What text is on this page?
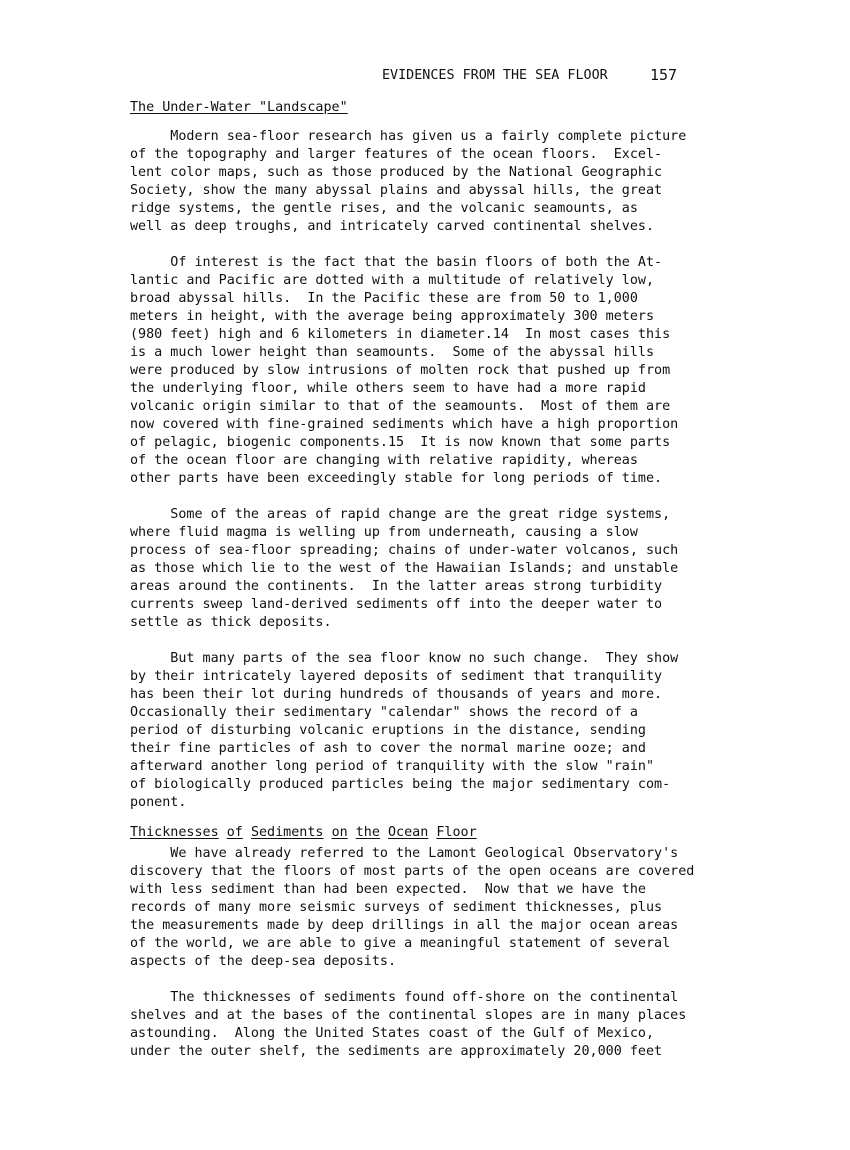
EVIDENCES FROM THE SEA FLOOR	157
The Under-Water "Landscape"
Modern sea-floor research has given us a fairly complete picture
of the topography and larger features of the ocean floors.  Excel-
lent color maps, such as those produced by the National Geographic
Society, show the many abyssal plains and abyssal hills, the great
ridge systems, the gentle rises, and the volcanic seamounts, as
well as deep troughs, and intricately carved continental shelves.
Of interest is the fact that the basin floors of both the At-
lantic and Pacific are dotted with a multitude of relatively low,
broad abyssal hills.  In the Pacific these are from 50 to 1,000
meters in height, with the average being approximately 300 meters
(980 feet) high and 6 kilometers in diameter.14  In most cases this
is a much lower height than seamounts.  Some of the abyssal hills
were produced by slow intrusions of molten rock that pushed up from
the underlying floor, while others seem to have had a more rapid
volcanic origin similar to that of the seamounts.  Most of them are
now covered with fine-grained sediments which have a high proportion
of pelagic, biogenic components.15  It is now known that some parts
of the ocean floor are changing with relative rapidity, whereas
other parts have been exceedingly stable for long periods of time.
Some of the areas of rapid change are the great ridge systems,
where fluid magma is welling up from underneath, causing a slow
process of sea-floor spreading; chains of under-water volcanos, such
as those which lie to the west of the Hawaiian Islands; and unstable
areas around the continents.  In the latter areas strong turbidity
currents sweep land-derived sediments off into the deeper water to
settle as thick deposits.
But many parts of the sea floor know no such change.  They show
by their intricately layered deposits of sediment that tranquility
has been their lot during hundreds of thousands of years and more.
Occasionally their sedimentary "calendar" shows the record of a
period of disturbing volcanic eruptions in the distance, sending
their fine particles of ash to cover the normal marine ooze; and
afterward another long period of tranquility with the slow "rain"
of biologically produced particles being the major sedimentary com-
ponent.
Thicknesses of Sediments on the Ocean Floor
We have already referred to the Lamont Geological Observatory's
discovery that the floors of most parts of the open oceans are covered
with less sediment than had been expected.  Now that we have the
records of many more seismic surveys of sediment thicknesses, plus
the measurements made by deep drillings in all the major ocean areas
of the world, we are able to give a meaningful statement of several
aspects of the deep-sea deposits.
The thicknesses of sediments found off-shore on the continental
shelves and at the bases of the continental slopes are in many places
astounding.  Along the United States coast of the Gulf of Mexico,
under the outer shelf, the sediments are approximately 20,000 feet
